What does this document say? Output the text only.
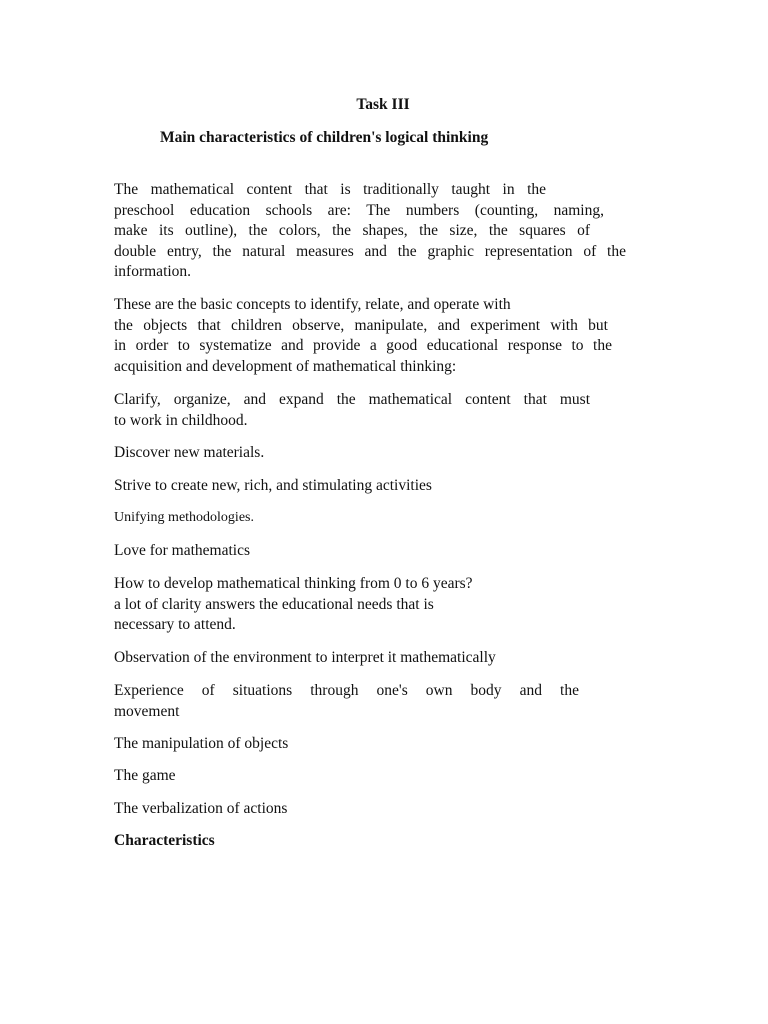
Task III
Main characteristics of children's logical thinking
The mathematical content that is traditionally taught in the
preschool education schools are: The numbers (counting, naming,
make its outline), the colors, the shapes, the size, the squares of
double entry, the natural measures and the graphic representation of the
information.
These are the basic concepts to identify, relate, and operate with
the objects that children observe, manipulate, and experiment with but
in order to systematize and provide a good educational response to the
acquisition and development of mathematical thinking:
Clarify, organize, and expand the mathematical content that must
to work in childhood.
Discover new materials.
Strive to create new, rich, and stimulating activities
Unifying methodologies.
Love for mathematics
How to develop mathematical thinking from 0 to 6 years?
a lot of clarity answers the educational needs that is
necessary to attend.
Observation of the environment to interpret it mathematically
Experience of situations through one's own body and the
movement
The manipulation of objects
The game
The verbalization of actions
Characteristics
